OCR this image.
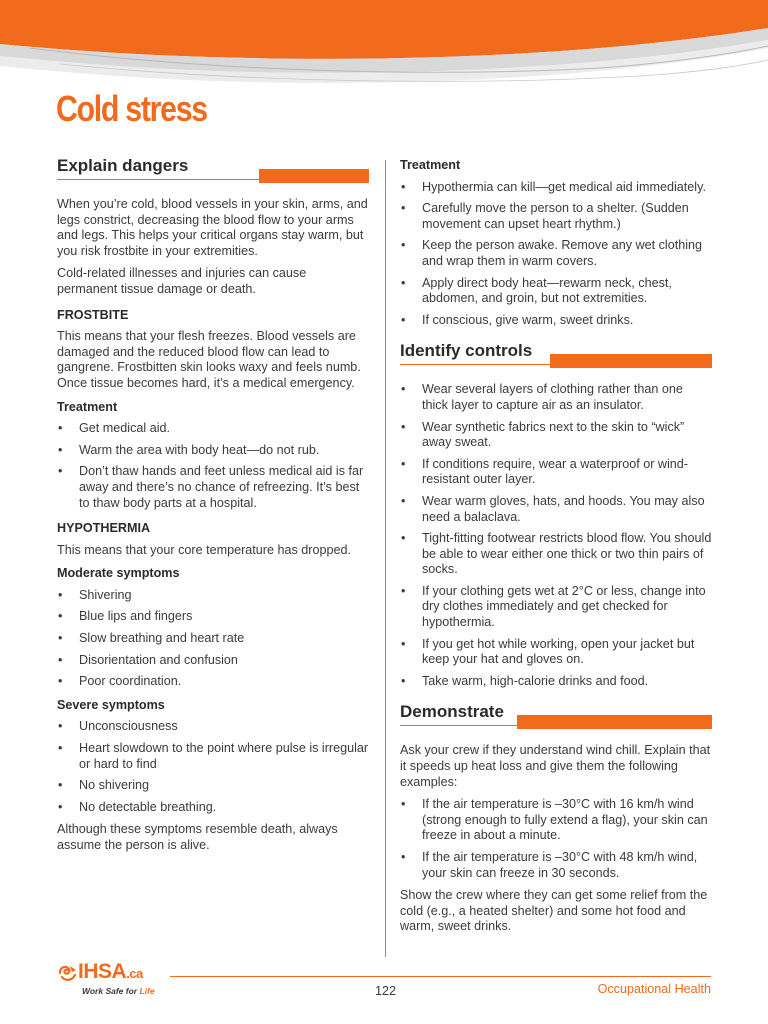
Cold stress
Explain dangers

When you’re cold, blood vessels in your skin, arms, and legs constrict, decreasing the blood flow to your arms and legs. This helps your critical organs stay warm, but you risk frostbite in your extremities.

Cold-related illnesses and injuries can cause permanent tissue damage or death.

FROSTBITE

This means that your flesh freezes. Blood vessels are damaged and the reduced blood flow can lead to gangrene. Frostbitten skin looks waxy and feels numb. Once tissue becomes hard, it’s a medical emergency.

Treatment
• Get medical aid.
• Warm the area with body heat—do not rub.
• Don’t thaw hands and feet unless medical aid is far away and there’s no chance of refreezing. It’s best to thaw body parts at a hospital.
HYPOTHERMIA

This means that your core temperature has dropped.

Moderate symptoms
• Shivering
• Blue lips and fingers
• Slow breathing and heart rate
• Disorientation and confusion
• Poor coordination.
Severe symptoms
• Unconsciousness
• Heart slowdown to the point where pulse is irregular or hard to find
• No shivering
• No detectable breathing.

Although these symptoms resemble death, always assume the person is alive.

Treatment
• Hypothermia can kill—get medical aid immediately.
• Carefully move the person to a shelter. (Sudden movement can upset heart rhythm.)
• Keep the person awake. Remove any wet clothing and wrap them in warm covers.
• Apply direct body heat—rewarm neck, chest, abdomen, and groin, but not extremities.
• If conscious, give warm, sweet drinks.
Identify controls
• Wear several layers of clothing rather than one thick layer to capture air as an insulator.
• Wear synthetic fabrics next to the skin to “wick” away sweat.
• If conditions require, wear a waterproof or wind-resistant outer layer.
• Wear warm gloves, hats, and hoods. You may also need a balaclava.
• Tight-fitting footwear restricts blood flow. You should be able to wear either one thick or two thin pairs of socks.
• If your clothing gets wet at 2°C or less, change into dry clothes immediately and get checked for hypothermia.
• If you get hot while working, open your jacket but keep your hat and gloves on.
• Take warm, high-calorie drinks and food.
Demonstrate

Ask your crew if they understand wind chill. Explain that it speeds up heat loss and give them the following examples:

• If the air temperature is –30°C with 16 km/h wind (strong enough to fully extend a flag), your skin can freeze in about a minute.
• If the air temperature is –30°C with 48 km/h wind, your skin can freeze in 30 seconds.

Show the crew where they can get some relief from the cold (e.g., a heated shelter) and some hot food and warm, sweet drinks.

IHSA.ca
Work Safe for Life	122	Occupational Health
